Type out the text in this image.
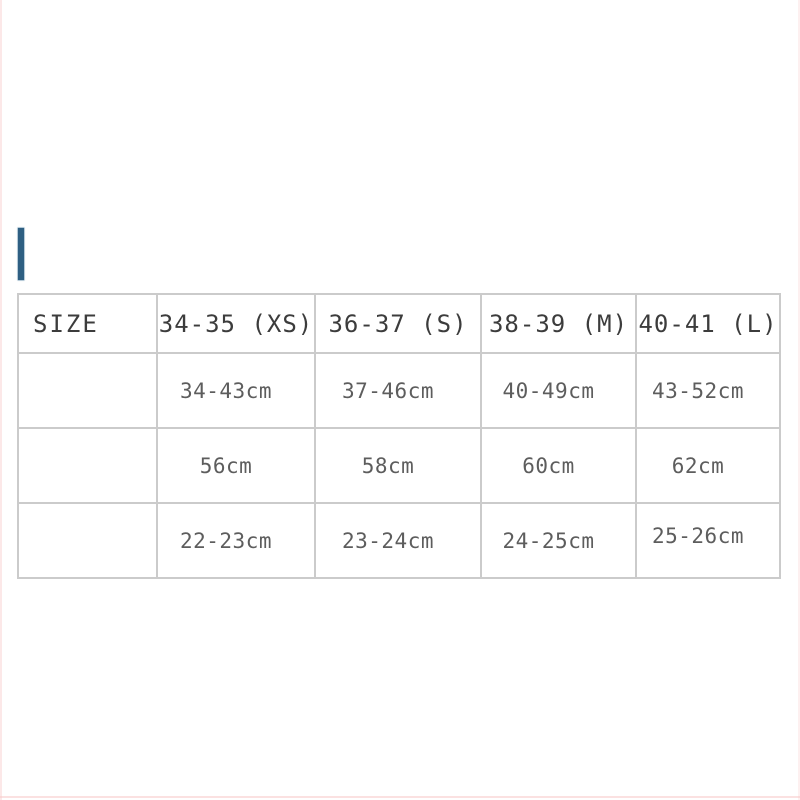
SIZE	34-35 (XS)	36-37 (S)	38-39 (M)	40-41 (L)
	34-43cm	37-46cm	40-49cm	43-52cm
	56cm	58cm	60cm	62cm
	22-23cm	23-24cm	24-25cm	25-26cm
